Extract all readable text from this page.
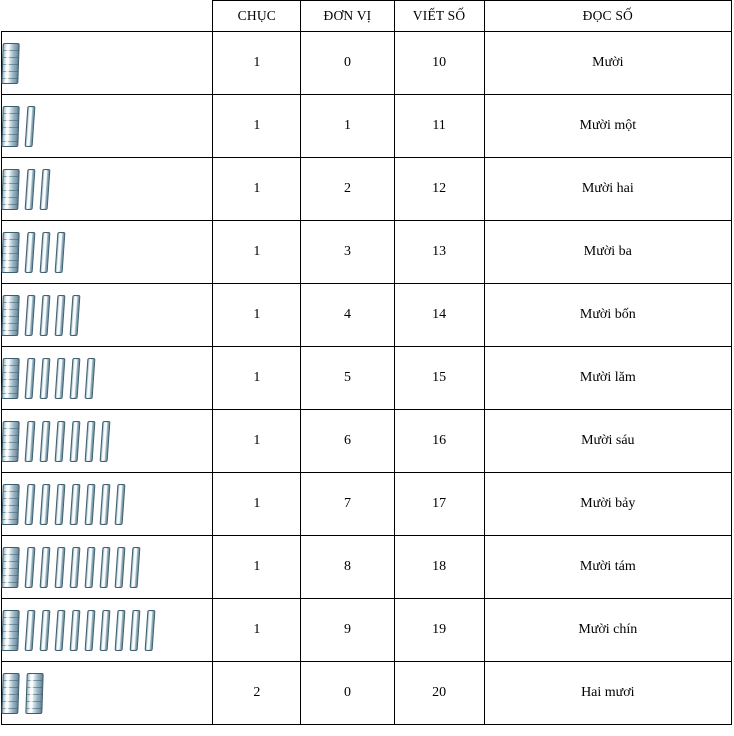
	CHỤC	ĐƠN VỊ	VIẾT SỐ	ĐỌC SỐ

	1	0	10	Mười

	1	1	11	Mười một

	1	2	12	Mười hai

	1	3	13	Mười ba

	1	4	14	Mười bốn

	1	5	15	Mười lăm

	1	6	16	Mười sáu

	1	7	17	Mười bảy

	1	8	18	Mười tám

	1	9	19	Mười chín

	2	0	20	Hai mươi
